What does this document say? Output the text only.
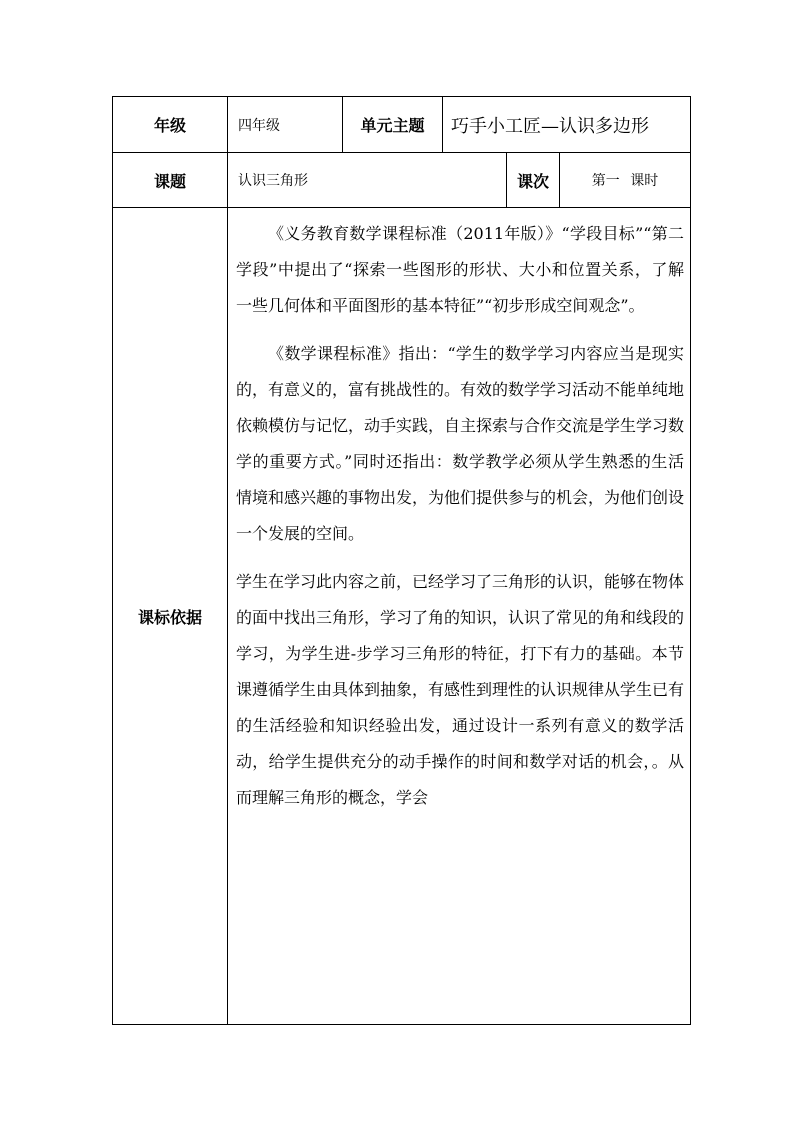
年级	四年级	单元主题	巧手小工匠—认识多边形		
课题	认识三角形			课次	第一 课时

课标依据	《义务教育数学课程标准（2011年版）》“学段目标”“第二学段”中提出了“探索一些图形的形状、大小和位置关系，了解一些几何体和平面图形的基本特征”“初步形成空间观念”。

《数学课程标准》指出：“学生的数学学习内容应当是现实的，有意义的，富有挑战性的。有效的数学学习活动不能单纯地依赖模仿与记忆，动手实践，自主探索与合作交流是学生学习数学的重要方式。”同时还指出：数学教学必须从学生熟悉的生活情境和感兴趣的事物出发，为他们提供参与的机会，为他们创设一个发展的空间。

学生在学习此内容之前，已经学习了三角形的认识，能够在物体的面中找出三角形，学习了角的知识，认识了常见的角和线段的学习，为学生进-步学习三角形的特征，打下有力的基础。本节课遵循学生由具体到抽象，有感性到理性的认识规律从学生已有的生活经验和知识经验出发，通过设计一系列有意义的数学活动，给学生提供充分的动手操作的时间和数学对话的机会，。从而理解三角形的概念，学会				
